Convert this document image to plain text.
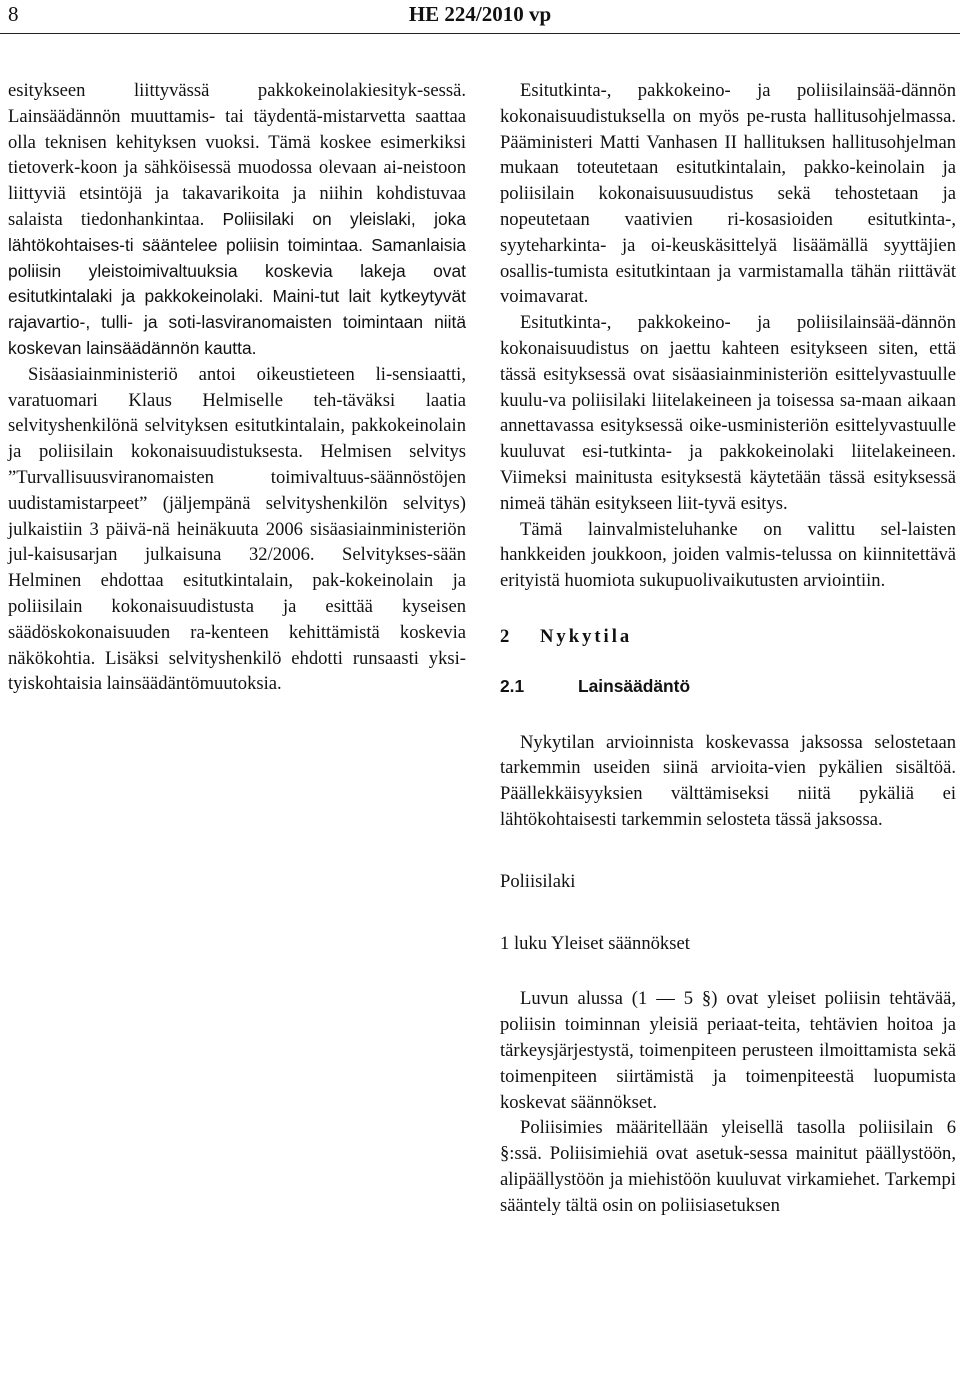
8	HE 224/2010 vp

esitykseen liittyvässä pakkokeinolakiesityk-sessä. Lainsäädännön muuttamis- tai täydentä-mistarvetta saattaa olla teknisen kehityksen vuoksi. Tämä koskee esimerkiksi tietoverk-koon ja sähköisessä muodossa olevaan ai-neistoon liittyviä etsintöjä ja takavarikoita ja niihin kohdistuvaa salaista tiedonhankintaa. Poliisilaki on yleislaki, joka lähtökohtaises-ti sääntelee poliisin toimintaa. Samanlaisia poliisin yleistoimivaltuuksia koskevia lakeja ovat esitutkintalaki ja pakkokeinolaki. Maini-tut lait kytkeytyvät rajavartio-, tulli- ja soti-lasviranomaisten toimintaan niitä koskevan lainsäädännön kautta.

Sisäasiainministeriö antoi oikeustieteen li-sensiaatti, varatuomari Klaus Helmiselle teh-täväksi laatia selvityshenkilönä selvityksen esitutkintalain, pakkokeinolain ja poliisilain kokonaisuudistuksesta. Helmisen selvitys ”Turvallisuusviranomaisten toimivaltuus-säännöstöjen uudistamistarpeet” (jäljempänä selvityshenkilön selvitys) julkaistiin 3 päivä-nä heinäkuuta 2006 sisäasiainministeriön jul-kaisusarjan julkaisuna 32/2006. Selvitykses-sään Helminen ehdottaa esitutkintalain, pak-kokeinolain ja poliisilain kokonaisuudistusta ja esittää kyseisen säädöskokonaisuuden ra-kenteen kehittämistä koskevia näkökohtia. Lisäksi selvityshenkilö ehdotti runsaasti yksi-tyiskohtaisia lainsäädäntömuutoksia.

Esitutkinta-, pakkokeino- ja poliisilainsää-dännön kokonaisuudistuksella on myös pe-rusta hallitusohjelmassa. Pääministeri Matti Vanhasen II hallituksen hallitusohjelman mukaan toteutetaan esitutkintalain, pakko-keinolain ja poliisilain kokonaisuusuudistus sekä tehostetaan ja nopeutetaan vaativien ri-kosasioiden esitutkinta-, syyteharkinta- ja oi-keuskäsittelyä lisäämällä syyttäjien osallis-tumista esitutkintaan ja varmistamalla tähän riittävät voimavarat.

Esitutkinta-, pakkokeino- ja poliisilainsää-dännön kokonaisuudistus on jaettu kahteen esitykseen siten, että tässä esityksessä ovat sisäasiainministeriön esittelyvastuulle kuulu-va poliisilaki liitelakeineen ja toisessa sa-maan aikaan annettavassa esityksessä oike-usministeriön esittelyvastuulle kuuluvat esi-tutkinta- ja pakkokeinolaki liitelakeineen. Viimeksi mainitusta esityksestä käytetään tässä esityksessä nimeä tähän esitykseen liit-tyvä esitys.

Tämä lainvalmisteluhanke on valittu sel-laisten hankkeiden joukkoon, joiden valmis-telussa on kiinnitettävä erityistä huomiota sukupuolivaikutusten arviointiin.

2 Nykytila
2.1	Lainsäädäntö

Nykytilan arvioinnista koskevassa jaksossa selostetaan tarkemmin useiden siinä arvioita-vien pykälien sisältöä. Päällekkäisyyksien välttämiseksi niitä pykäliä ei lähtökohtaisesti tarkemmin selosteta tässä jaksossa.

Poliisilaki

1 luku Yleiset säännökset

Luvun alussa (1 — 5 §) ovat yleiset poliisin tehtävää, poliisin toiminnan yleisiä periaat-teita, tehtävien hoitoa ja tärkeysjärjestystä, toimenpiteen perusteen ilmoittamista sekä toimenpiteen siirtämistä ja toimenpiteestä luopumista koskevat säännökset.

Poliisimies määritellään yleisellä tasolla poliisilain 6 §:ssä. Poliisimiehiä ovat asetuk-sessa mainitut päällystöön, alipäällystöön ja miehistöön kuuluvat virkamiehet. Tarkempi sääntely tältä osin on poliisiasetuksen
